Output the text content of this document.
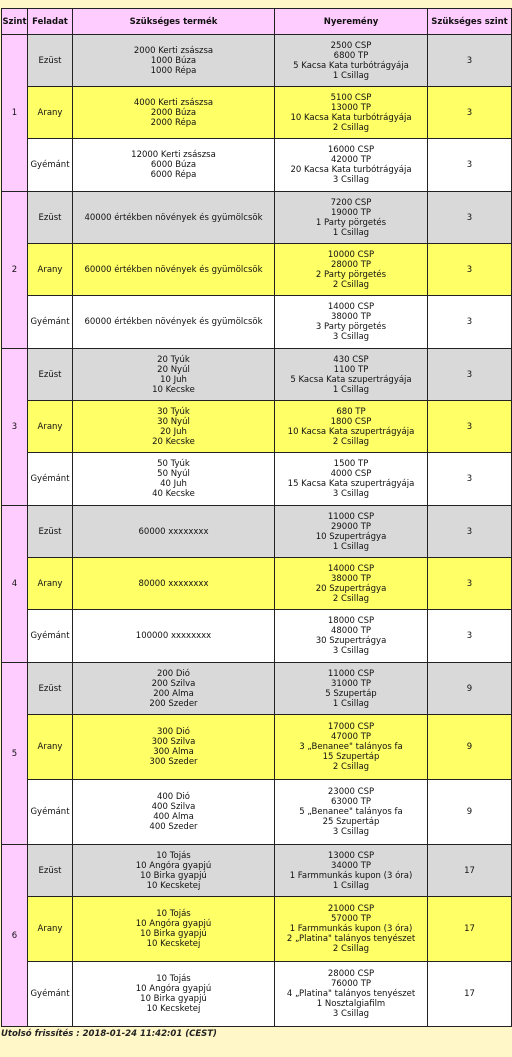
Szint	Feladat	Szükséges termék	Nyeremény	Szükséges szint
1	Ezüst	2000 Kerti zsászsa
1000 Búza
1000 Répa	2500 CSP
6800 TP
5 Kacsa Kata turbótrágyája
1 Csillag	3
	Arany	4000 Kerti zsászsa
2000 Búza
2000 Répa	5100 CSP
13000 TP
10 Kacsa Kata turbótrágyája
2 Csillag	3
	Gyémánt	12000 Kerti zsászsa
6000 Búza
6000 Répa	16000 CSP
42000 TP
20 Kacsa Kata turbótrágyája
3 Csillag	3
2	Ezüst	40000 értékben növények és gyümölcsök	7200 CSP
19000 TP
1 Party pörgetés
1 Csillag	3
	Arany	60000 értékben növények és gyümölcsök	10000 CSP
28000 TP
2 Party pörgetés
2 Csillag	3
	Gyémánt	60000 értékben növények és gyümölcsök	14000 CSP
38000 TP
3 Party pörgetés
3 Csillag	3
3	Ezüst	20 Tyúk
20 Nyúl
10 Juh
10 Kecske	430 CSP
1100 TP
5 Kacsa Kata szupertrágyája
1 Csillag	3
	Arany	30 Tyúk
30 Nyúl
20 Juh
20 Kecske	680 TP
1800 CSP
10 Kacsa Kata szupertrágyája
2 Csillag	3
	Gyémánt	50 Tyúk
50 Nyúl
40 Juh
40 Kecske	1500 TP
4000 CSP
15 Kacsa Kata szupertrágyája
3 Csillag	3
4	Ezüst	60000 xxxxxxxx	11000 CSP
29000 TP
10 Szupertrágya
1 Csillag	3
	Arany	80000 xxxxxxxx	14000 CSP
38000 TP
20 Szupertrágya
2 Csillag	3
	Gyémánt	100000 xxxxxxxx	18000 CSP
48000 TP
30 Szupertrágya
3 Csillag	3
5	Ezüst	200 Dió
200 Szilva
200 Alma
200 Szeder	11000 CSP
31000 TP
5 Szupertáp
1 Csillag	9
	Arany	300 Dió
300 Szilva
300 Alma
300 Szeder	17000 CSP
47000 TP
3 „Benanee" talányos fa
15 Szupertáp
2 Csillag	9
	Gyémánt	400 Dió
400 Szilva
400 Alma
400 Szeder	23000 CSP
63000 TP
5 „Benanee" talányos fa
25 Szupertáp
3 Csillag	9
6	Ezüst	10 Tojás
10 Angóra gyapjú
10 Birka gyapjú
10 Kecsketej	13000 CSP
34000 TP
1 Farmmunkás kupon (3 óra)
1 Csillag	17
	Arany	10 Tojás
10 Angóra gyapjú
10 Birka gyapjú
10 Kecsketej	21000 CSP
57000 TP
1 Farmmunkás kupon (3 óra)
2 „Platina" talányos tenyészet
2 Csillag	17
	Gyémánt	10 Tojás
10 Angóra gyapjú
10 Birka gyapjú
10 Kecsketej	28000 CSP
76000 TP
4 „Platina" talányos tenyészet
1 Nosztalgiafilm
3 Csillag	17
Utolsó frissítés : 2018-01-24 11:42:01 (CEST)
